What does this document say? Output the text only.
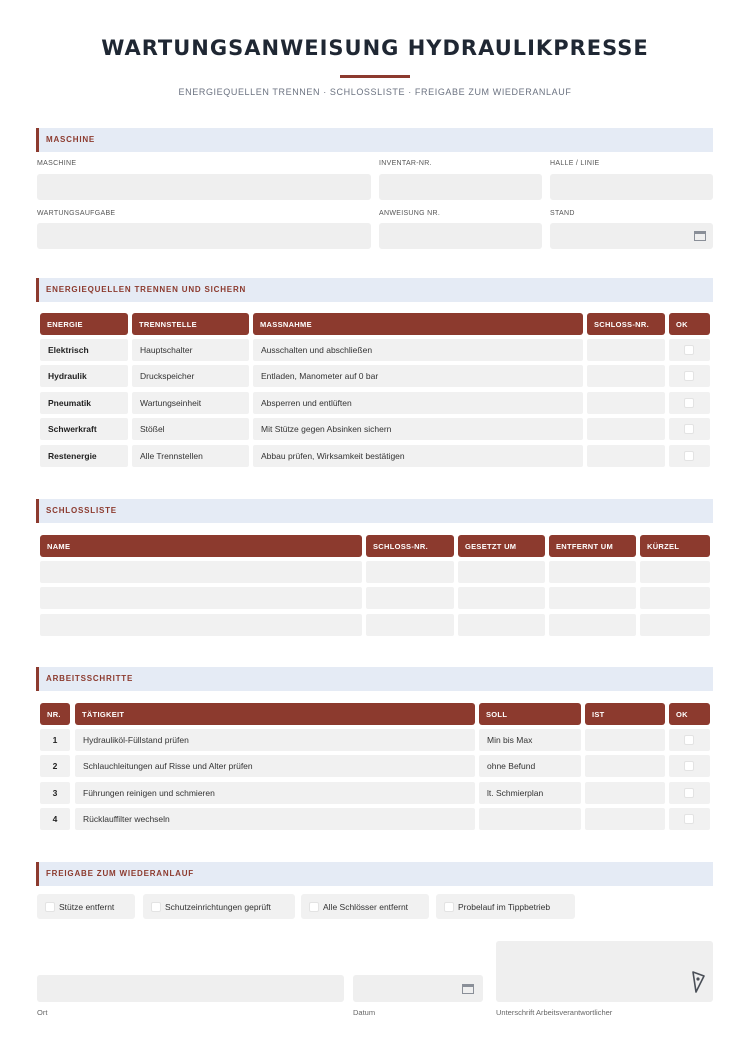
WARTUNGSANWEISUNG HYDRAULIKPRESSE
ENERGIEQUELLEN TRENNEN · SCHLOSSLISTE · FREIGABE ZUM WIEDERANLAUF
MASCHINE
MASCHINE	INVENTAR-NR.	HALLE / LINIE
WARTUNGSAUFGABE	ANWEISUNG NR.	STAND
ENERGIEQUELLEN TRENNEN UND SICHERN
ENERGIE	TRENNSTELLE	MASSNAHME	SCHLOSS-NR.	OK
Elektrisch	Hauptschalter	Ausschalten und abschließen
Hydraulik	Druckspeicher	Entladen, Manometer auf 0 bar
Pneumatik	Wartungseinheit	Absperren und entlüften
Schwerkraft	Stößel	Mit Stütze gegen Absinken sichern
Restenergie	Alle Trennstellen	Abbau prüfen, Wirksamkeit bestätigen
SCHLOSSLISTE
NAME	SCHLOSS-NR.	GESETZT UM	ENTFERNT UM	KÜRZEL
ARBEITSSCHRITTE
NR.	TÄTIGKEIT	SOLL	IST	OK
1	Hydrauliköl-Füllstand prüfen	Min bis Max
2	Schlauchleitungen auf Risse und Alter prüfen	ohne Befund
3	Führungen reinigen und schmieren	lt. Schmierplan
4	Rücklauffilter wechseln
FREIGABE ZUM WIEDERANLAUF
Stütze entfernt	Schutzeinrichtungen geprüft	Alle Schlösser entfernt	Probelauf im Tippbetrieb
Ort	Datum	Unterschrift Arbeitsverantwortlicher
